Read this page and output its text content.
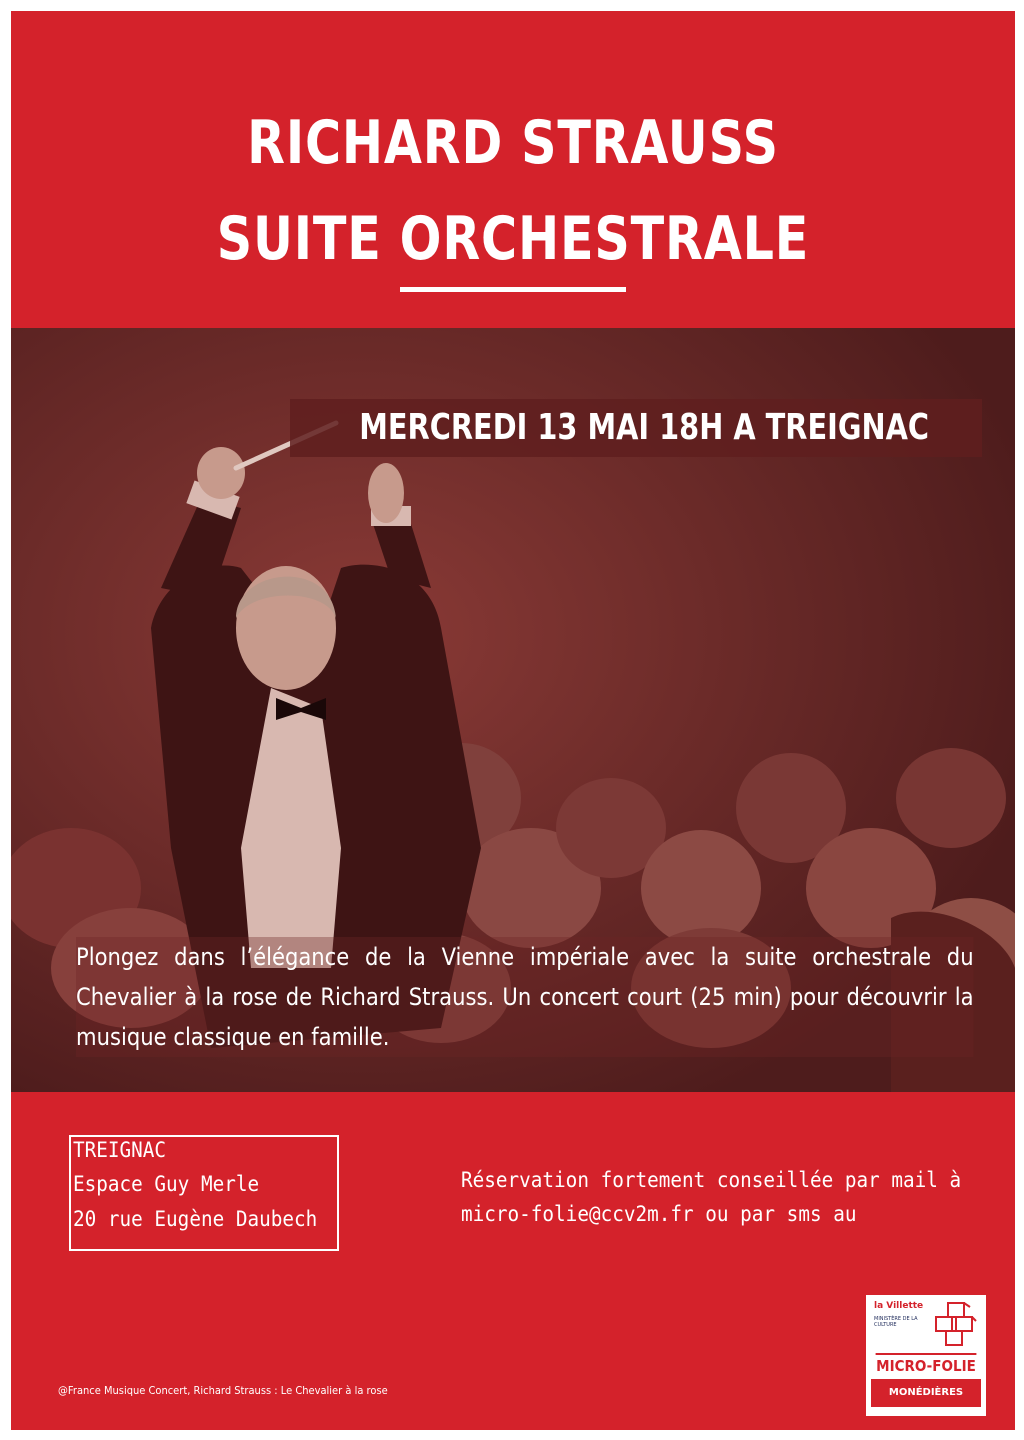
RICHARD STRAUSS
SUITE ORCHESTRALE
MERCREDI 13 MAI 18H A TREIGNAC
Plongez dans l’élégance de la Vienne impériale avec la suite orchestrale du Chevalier à la rose de Richard Strauss. Un concert court (25 min) pour découvrir la musique classique en famille.
TREIGNAC
Espace Guy Merle
20 rue Eugène Daubech
Réservation fortement conseillée par mail à
micro-folie@ccv2m.fr ou par sms au
@France Musique Concert, Richard Strauss : Le Chevalier à la rose
la Villette
MINISTÈRE DE LA CULTURE
MICRO-FOLIE
MONÉDIÈRES
